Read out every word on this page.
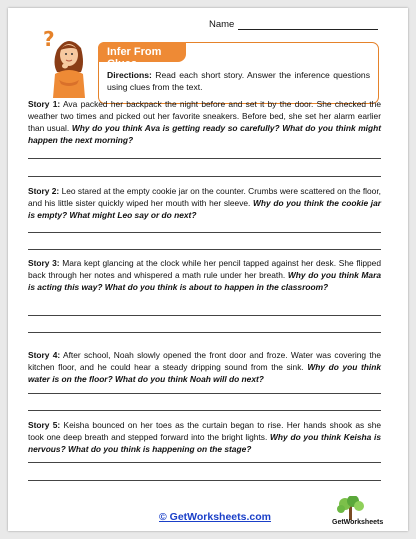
Name
?
Infer From Clues
Directions: Read each short story. Answer the inference questions using clues from the text.
Story 1: Ava packed her backpack the night before and set it by the door. She checked the weather two times and picked out her favorite sneakers. Before bed, she set her alarm earlier than usual. Why do you think Ava is getting ready so carefully? What do you think might happen the next morning?
Story 2: Leo stared at the empty cookie jar on the counter. Crumbs were scattered on the floor, and his little sister quickly wiped her mouth with her sleeve. Why do you think the cookie jar is empty? What might Leo say or do next?
Story 3: Mara kept glancing at the clock while her pencil tapped against her desk. She flipped back through her notes and whispered a math rule under her breath. Why do you think Mara is acting this way? What do you think is about to happen in the classroom?
Story 4: After school, Noah slowly opened the front door and froze. Water was covering the kitchen floor, and he could hear a steady dripping sound from the sink. Why do you think water is on the floor? What do you think Noah will do next?
Story 5: Keisha bounced on her toes as the curtain began to rise. Her hands shook as she took one deep breath and stepped forward into the bright lights. Why do you think Keisha is nervous? What do you think is happening on the stage?
© GetWorksheets.com	GetWorksheets
